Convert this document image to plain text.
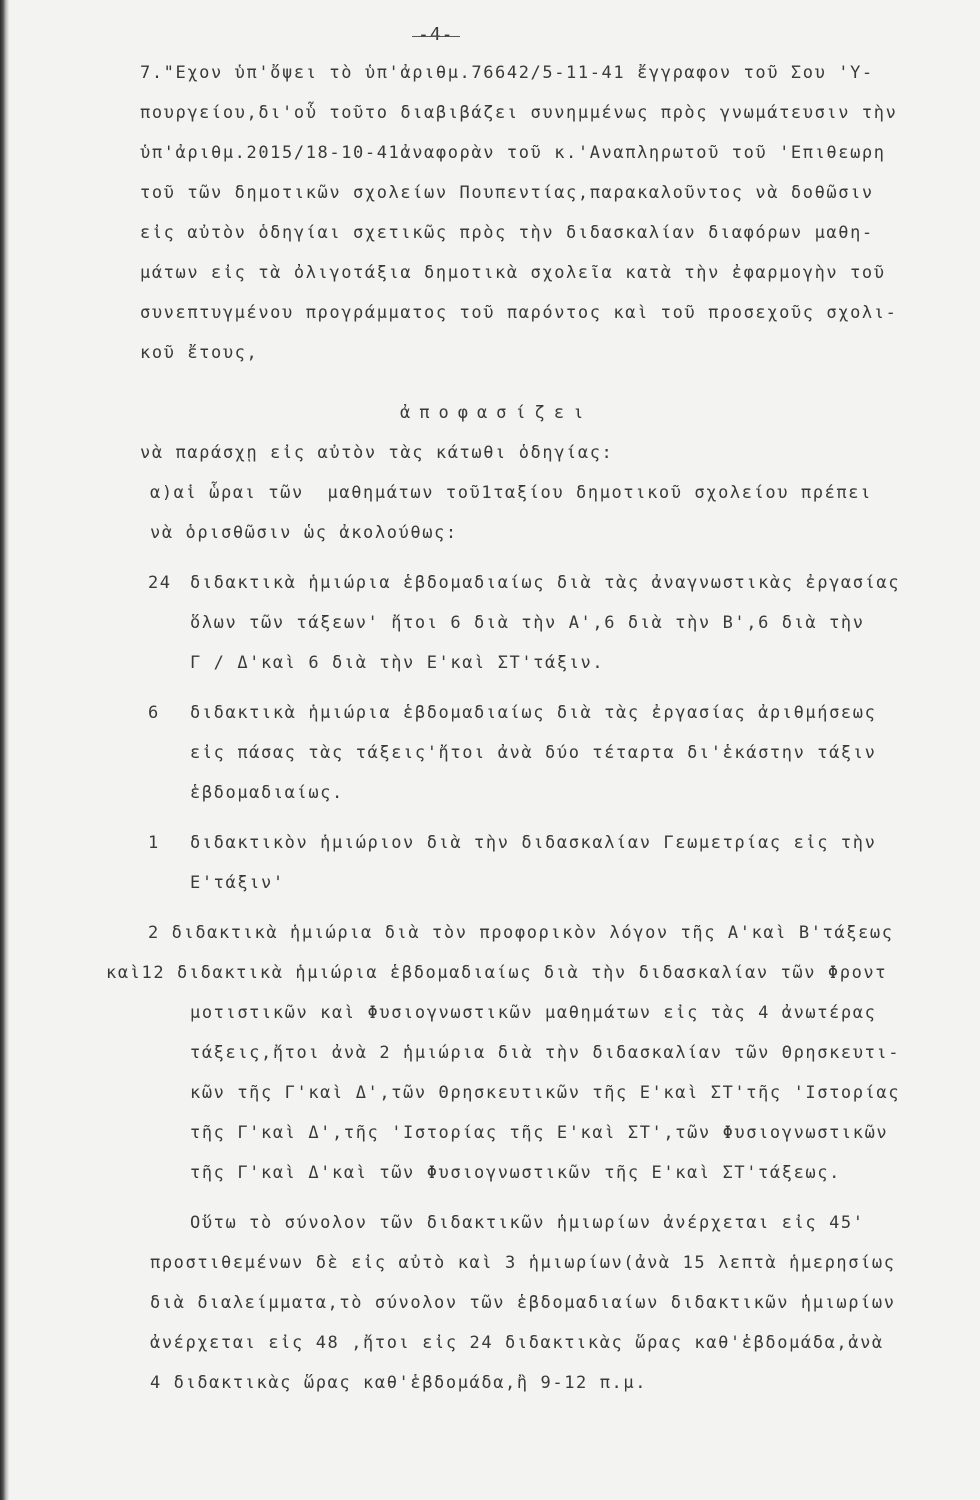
-4-
7."Εχον ὑπ'ὄψει τὸ ὑπ'ἀριθμ.76642/5-11-41 ἔγγραφον τοῦ Σου 'Υ-
πουργείου,δι'οὗ τοῦτο διαβιβάζει συνημμένως πρὸς γνωμάτευσιν τὴν
ὑπ'ἀριθμ.2015/18-10-41ἀναφορὰν τοῦ κ.'Αναπληρωτοῦ τοῦ 'Επιθεωρη
τοῦ τῶν δημοτικῶν σχολείων Πουπεντίας,παρακαλοῦντος νὰ δοθῶσιν
εἰς αὐτὸν ὁδηγίαι σχετικῶς πρὸς τὴν διδασκαλίαν διαφόρων μαθη-
μάτων εἰς τὰ ὀλιγοτάξια δημοτικὰ σχολεῖα κατὰ τὴν ἐφαρμογὴν τοῦ
συνεπτυγμένου προγράμματος τοῦ παρόντος καὶ τοῦ προσεχοῦς σχολι-
κοῦ ἔτους,
ἀποφασίζει
νὰ παράσχῃ εἰς αὐτὸν τὰς κάτωθι ὁδηγίας:
α)αἱ ὧραι τῶν  μαθημάτων τοῦ1ταξίου δημοτικοῦ σχολείου πρέπει
νὰ ὁρισθῶσιν ὡς ἀκολούθως:
24 διδακτικὰ ἡμιώρια ἑβδομαδιαίως διὰ τὰς ἀναγνωστικὰς ἐργασίας
ὅλων τῶν τάξεων' ἤτοι 6 διὰ τὴν Α',6 διὰ τὴν Β',6 διὰ τὴν
Γ / Δ'καὶ 6 διὰ τὴν Ε'καὶ ΣΤ'τάξιν.
6 διδακτικὰ ἡμιώρια ἑβδομαδιαίως διὰ τὰς ἐργασίας ἀριθμήσεως
εἰς πάσας τὰς τάξεις'ἤτοι ἀνὰ δύο τέταρτα δι'ἑκάστην τάξιν
ἑβδομαδιαίως.
1 διδακτικὸν ἡμιώριον διὰ τὴν διδασκαλίαν Γεωμετρίας εἰς τὴν
Ε'τάξιν'
2 διδακτικὰ ἡμιώρια διὰ τὸν προφορικὸν λόγον τῆς Α'καὶ Β'τάξεως
καὶ12 διδακτικὰ ἡμιώρια ἑβδομαδιαίως διὰ τὴν διδασκαλίαν τῶν Φροντ
μοτιστικῶν καὶ Φυσιογνωστικῶν μαθημάτων εἰς τὰς 4 ἀνωτέρας
τάξεις,ἤτοι ἀνὰ 2 ἡμιώρια διὰ τὴν διδασκαλίαν τῶν Θρησκευτι-
κῶν τῆς Γ'καὶ Δ',τῶν Θρησκευτικῶν τῆς Ε'καὶ ΣΤ'τῆς 'Ιστορίας
τῆς Γ'καὶ Δ',τῆς 'Ιστορίας τῆς Ε'καὶ ΣΤ',τῶν Φυσιογνωστικῶν
τῆς Γ'καὶ Δ'καὶ τῶν Φυσιογνωστικῶν τῆς Ε'καὶ ΣΤ'τάξεως.
Οὕτω τὸ σύνολον τῶν διδακτικῶν ἡμιωρίων ἀνέρχεται εἰς 45'
προστιθεμένων δὲ εἰς αὐτὸ καὶ 3 ἡμιωρίων(ἀνὰ 15 λεπτὰ ἡμερησίως
διὰ διαλείμματα,τὸ σύνολον τῶν ἑβδομαδιαίων διδακτικῶν ἡμιωρίων
ἀνέρχεται εἰς 48 ,ἤτοι εἰς 24 διδακτικὰς ὥρας καθ'ἑβδομάδα,ἀνὰ
4 διδακτικὰς ὥρας καθ'ἑβδομάδα,ἢ 9-12 π.μ.
